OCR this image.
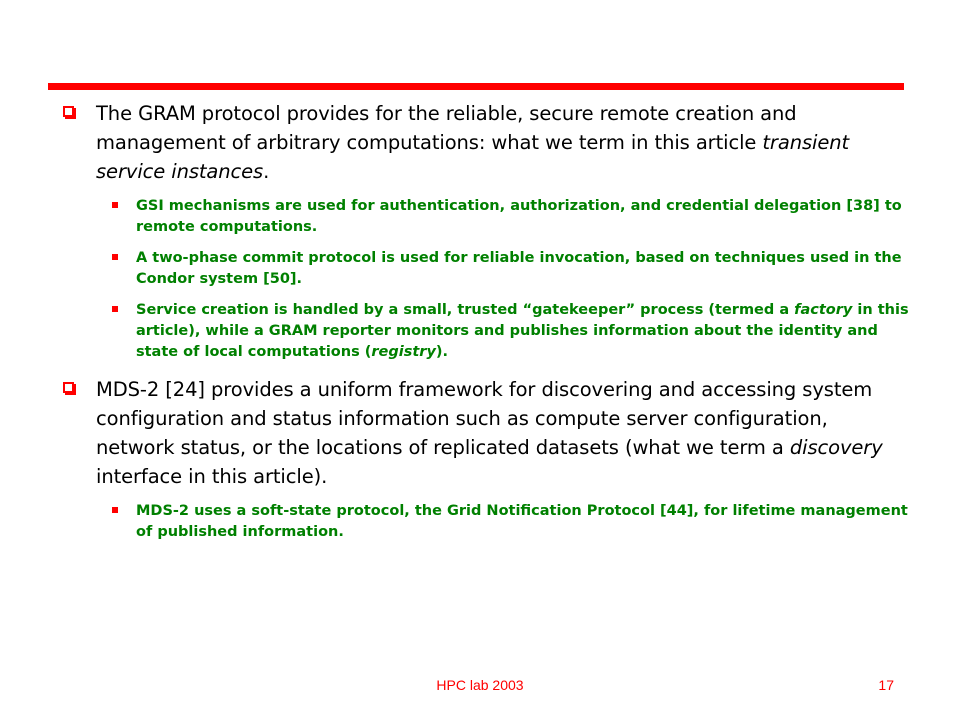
The GRAM protocol provides for the reliable, secure remote creation and management of arbitrary computations: what we term in this article transient service instances.
GSI mechanisms are used for authentication, authorization, and credential delegation [38] to remote computations.
A two-phase commit protocol is used for reliable invocation, based on techniques used in the Condor system [50].
Service creation is handled by a small, trusted “gatekeeper” process (termed a factory in this article), while a GRAM reporter monitors and publishes information about the identity and state of local computations (registry).
MDS-2 [24] provides a uniform framework for discovering and accessing system configuration and status information such as compute server configuration, network status, or the locations of replicated datasets (what we term a discovery interface in this article).
MDS-2 uses a soft-state protocol, the Grid Notification Protocol [44], for lifetime management of published information.
HPC lab 2003	17
